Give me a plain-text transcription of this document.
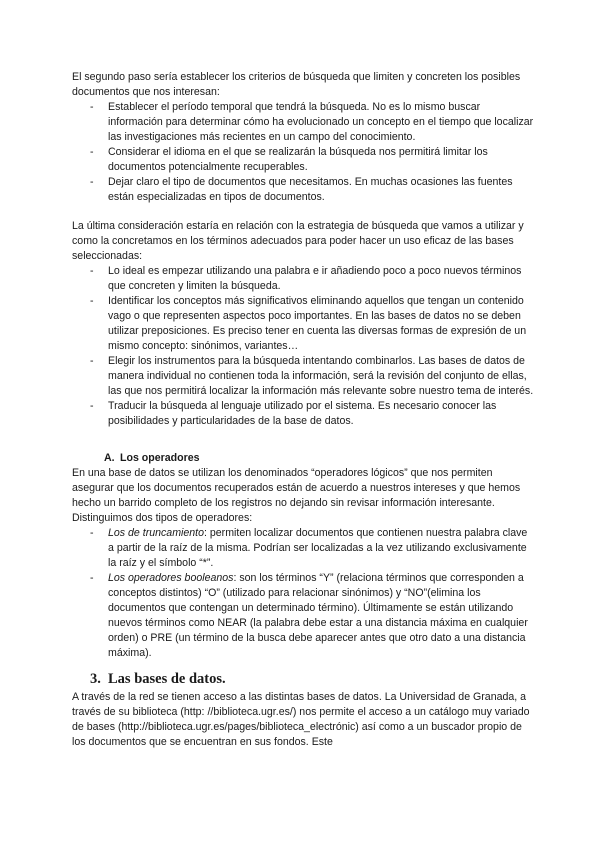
El segundo paso sería establecer los criterios de búsqueda que limiten y concreten los posibles documentos que nos interesan:

- Establecer el período temporal que tendrá la búsqueda. No es lo mismo buscar información para determinar cómo ha evolucionado un concepto en el tiempo que localizar las investigaciones más recientes en un campo del conocimiento.
- Considerar el idioma en el que se realizarán la búsqueda nos permitirá limitar los documentos potencialmente recuperables.
- Dejar claro el tipo de documentos que necesitamos. En muchas ocasiones las fuentes están especializadas en tipos de documentos.

La última consideración estaría en relación con la estrategia de búsqueda que vamos a utilizar y como la concretamos en los términos adecuados para poder hacer un uso eficaz de las bases seleccionadas:

- Lo ideal es empezar utilizando una palabra e ir añadiendo poco a poco nuevos términos que concreten y limiten la búsqueda.
- Identificar los conceptos más significativos eliminando aquellos que tengan un contenido vago o que representen aspectos poco importantes. En las bases de datos no se deben utilizar preposiciones. Es preciso tener en cuenta las diversas formas de expresión de un mismo concepto: sinónimos, variantes…
- Elegir los instrumentos para la búsqueda intentando combinarlos. Las bases de datos de manera individual no contienen toda la información, será la revisión del conjunto de ellas, las que nos permitirá localizar la información más relevante sobre nuestro tema de interés.
- Traducir la búsqueda al lenguaje utilizado por el sistema. Es necesario conocer las posibilidades y particularidades de la base de datos.

A. Los operadores

En una base de datos se utilizan los denominados “operadores lógicos” que nos permiten asegurar que los documentos recuperados están de acuerdo a nuestros intereses y que hemos hecho un barrido completo de los registros no dejando sin revisar información interesante. Distinguimos dos tipos de operadores:

- Los de truncamiento: permiten localizar documentos que contienen nuestra palabra clave a partir de la raíz de la misma. Podrían ser localizadas a la vez utilizando exclusivamente la raíz y el símbolo “*”.
- Los operadores booleanos: son los términos “Y” (relaciona términos que corresponden a conceptos distintos) “O” (utilizado para relacionar sinónimos) y “NO”(elimina los documentos que contengan un determinado término). Últimamente se están utilizando nuevos términos como NEAR (la palabra debe estar a una distancia máxima en cualquier orden) o PRE (un término de la busca debe aparecer antes que otro dato a una distancia máxima).

3. Las bases de datos.

A través de la red se tienen acceso a las distintas bases de datos. La Universidad de Granada, a través de su biblioteca (http: //biblioteca.ugr.es/) nos permite el acceso a un catálogo muy variado de bases (http://biblioteca.ugr.es/pages/biblioteca_electrónic) así como a un buscador propio de los documentos que se encuentran en sus fondos. Este
